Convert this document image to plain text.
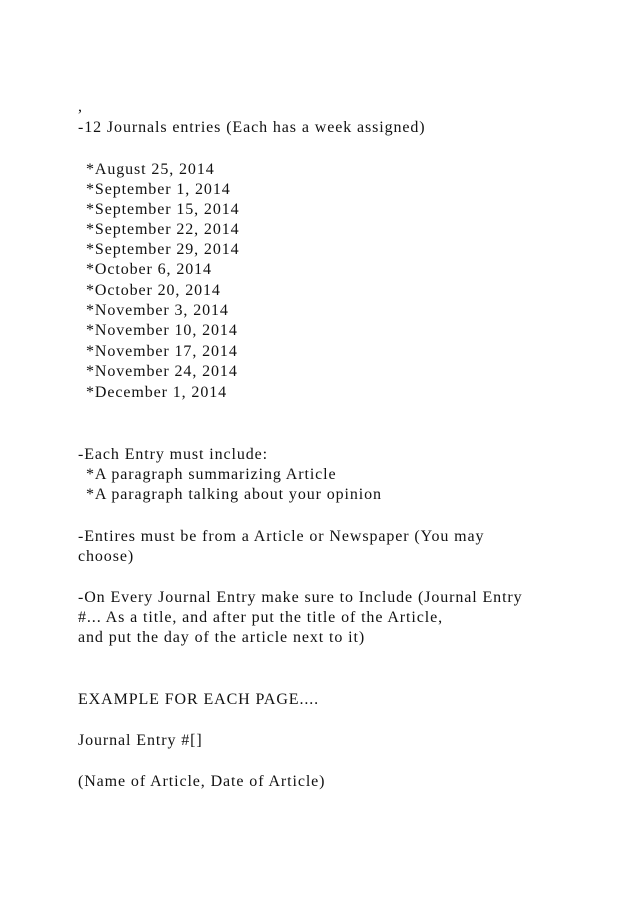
,
-12 Journals entries (Each has a week assigned)
*August 25, 2014
*September 1, 2014
*September 15, 2014
*September 22, 2014
*September 29, 2014
*October 6, 2014
*October 20, 2014
*November 3, 2014
*November 10, 2014
*November 17, 2014
*November 24, 2014
*December 1, 2014
-Each Entry must include:
*A paragraph summarizing Article
*A paragraph talking about your opinion
-Entires must be from a Article or Newspaper (You may
choose)
-On Every Journal Entry make sure to Include (Journal Entry
#... As a title, and after put the title of the Article,
and put the day of the article next to it)
EXAMPLE FOR EACH PAGE....
Journal Entry #[]
(Name of Article, Date of Article)
